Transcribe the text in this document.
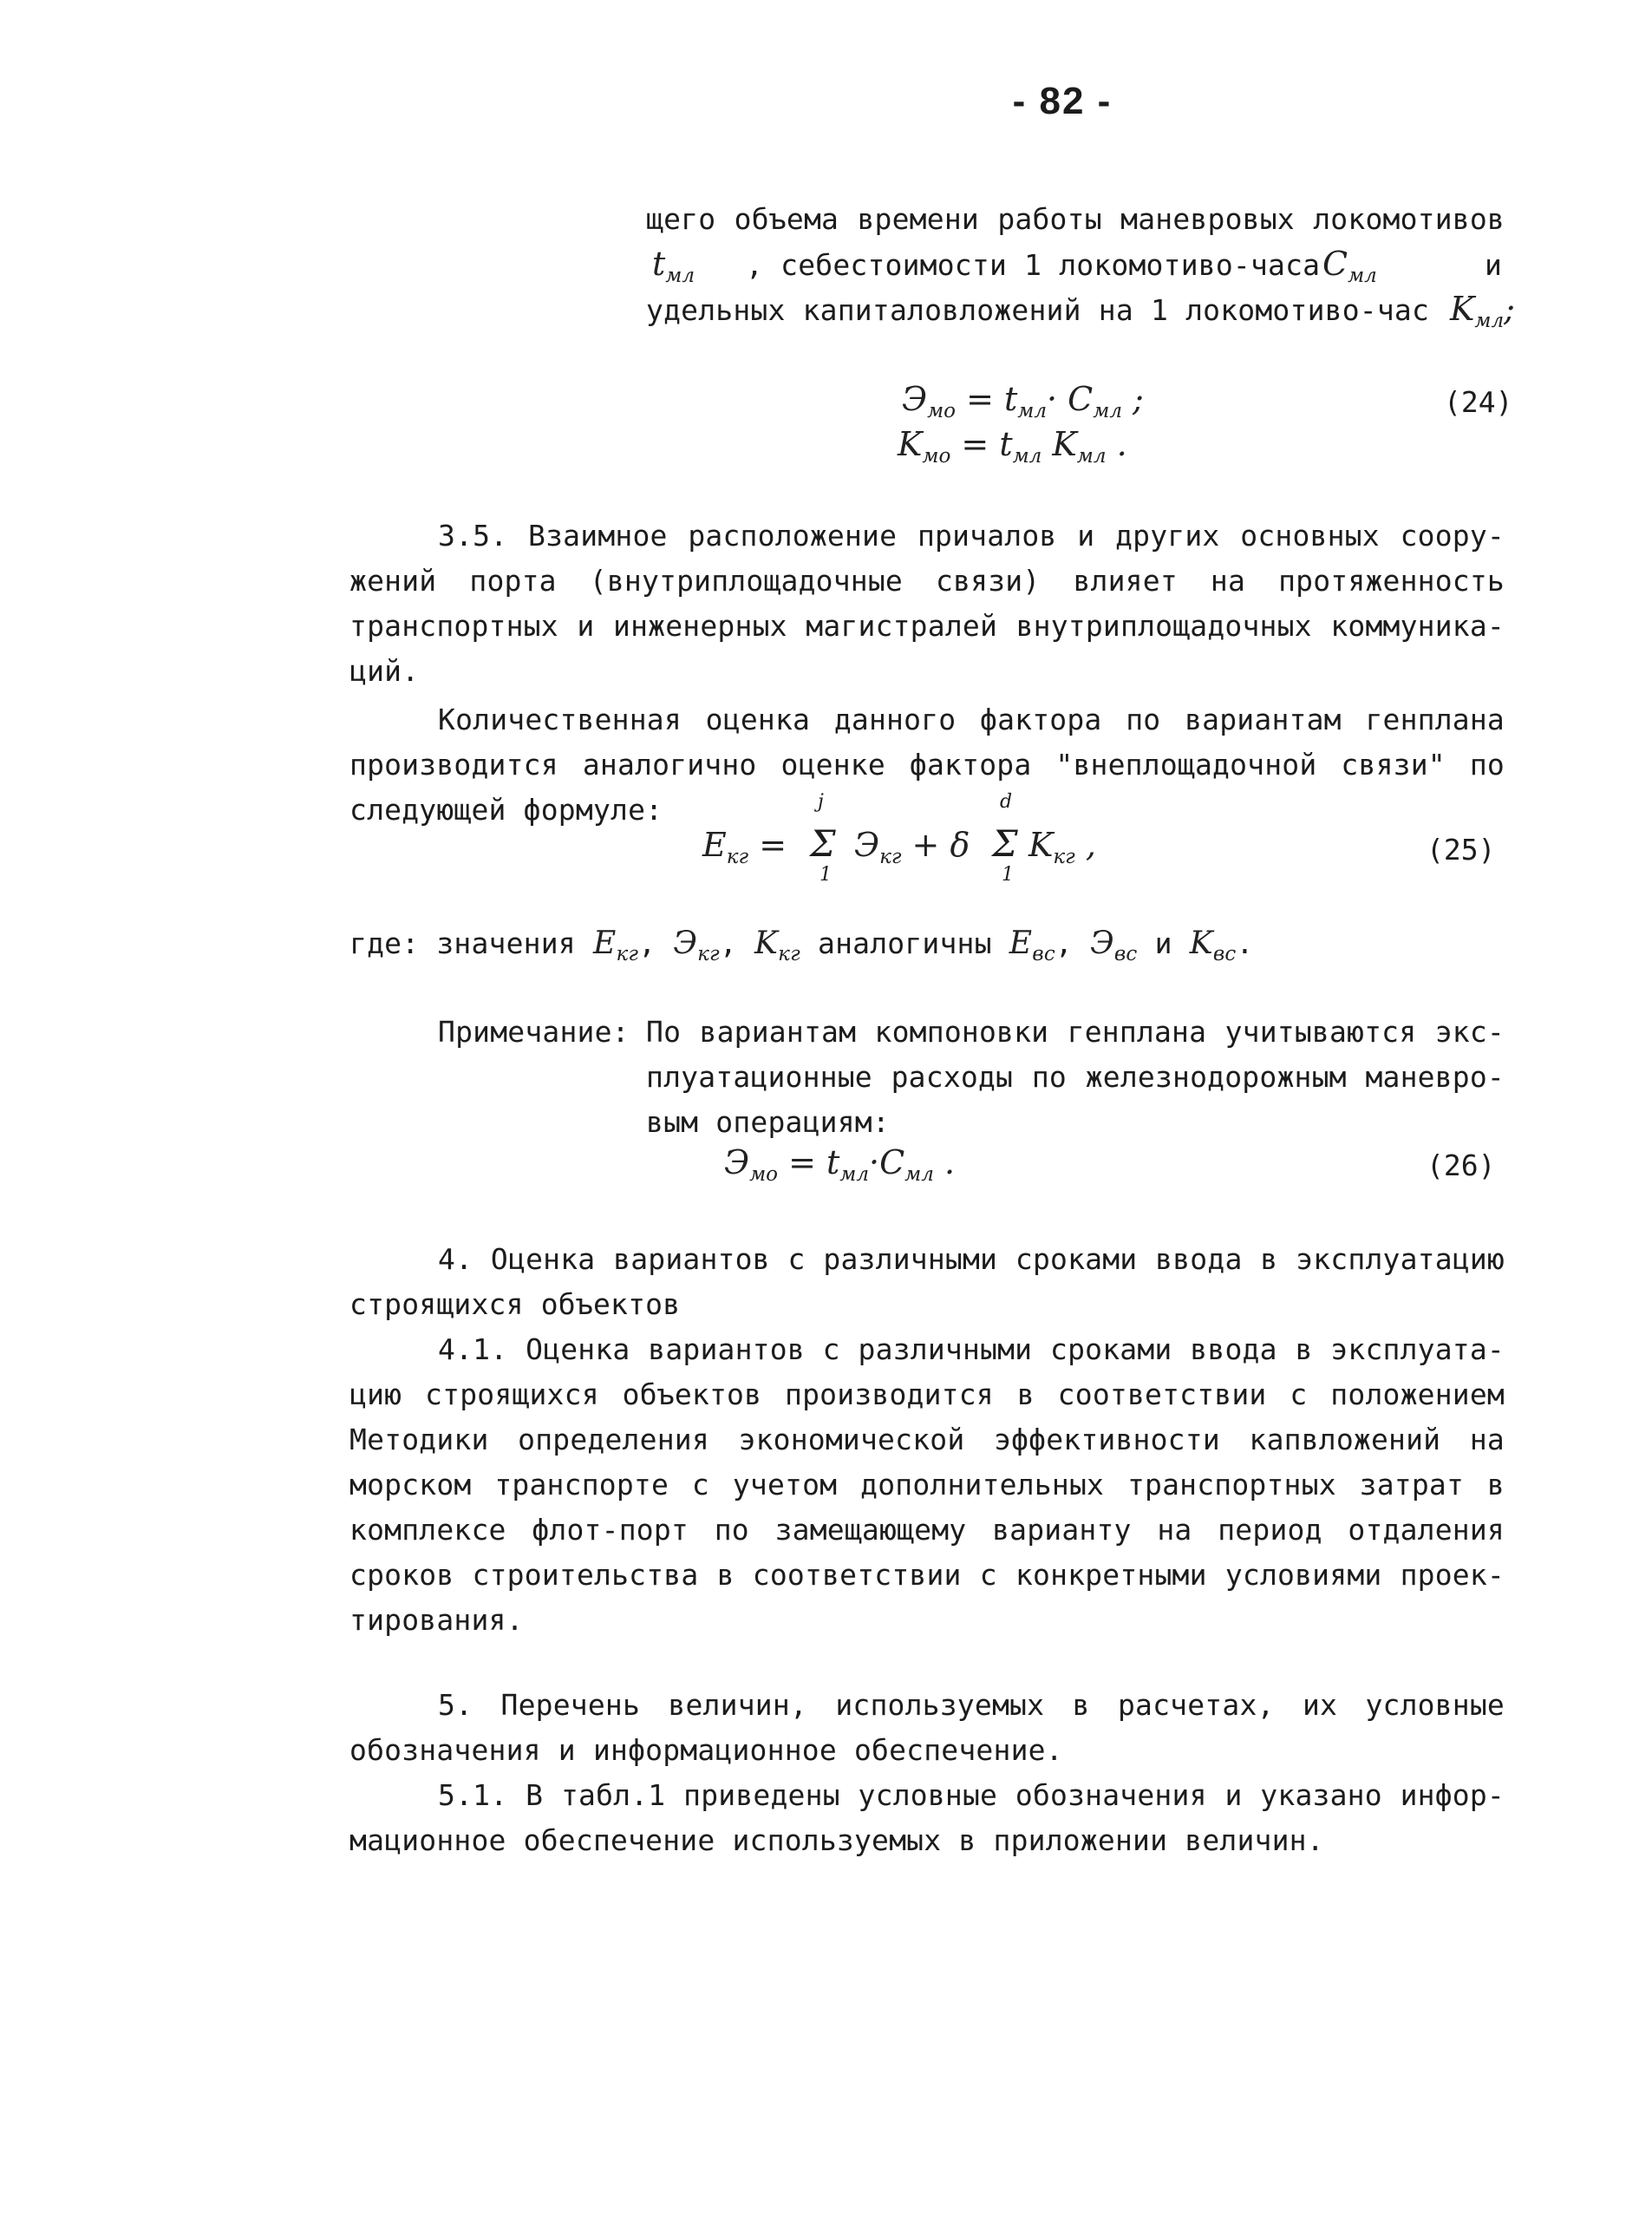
- 82 -
щего объема времени работы маневровых локомотивов
$t_{мл}$ , себестоимости 1 локомотиво-часа $C_{мл}$	и
удельных капиталовложений на 1 локомотиво-час $K_{мл}$;
$Э_{мо} = t_{мл}\cdot C_{мл}$ ;	(24)
$K_{мо} = t_{мл}$ $K_{мл}$ .
3.5. Взаимное расположение причалов и других основных соору-
жений порта (внутриплощадочные связи) влияет на протяженность
транспортных и инженерных магистралей внутриплощадочных коммуника-
ций.
Количественная оценка данного фактора по вариантам генплана
производится аналогично оценке фактора "внеплощадочной связи" по
следующей формуле:
$E_{кг}$ =
j
Σ
1
$Э_{кг} + \delta$
d
Σ
1
$K_{кг}$ ,	(25)
где: значения $E_{кг}$, $Э_{кг}$, $K_{кг}$ аналогичны $E_{вс}$, $Э_{вс}$ и $K_{вс}$.
Примечание: По вариантам компоновки генплана учитываются экс-
плуатационные расходы по железнодорожным маневро-
вым операциям:
$Э_{мо} = t_{мл}\cdot C_{мл}$ .	(26)
4. Оценка вариантов с различными сроками ввода в эксплуатацию
строящихся объектов
4.1. Оценка вариантов с различными сроками ввода в эксплуата-
цию строящихся объектов производится в соответствии с положением
Методики определения экономической эффективности капвложений на
морском транспорте с учетом дополнительных транспортных затрат в
комплексе флот-порт по замещающему варианту на период отдаления
сроков строительства в соответствии с конкретными условиями проек-
тирования.
5. Перечень величин, используемых в расчетах, их условные
обозначения и информационное обеспечение.
5.1. В табл.1 приведены условные обозначения и указано инфор-
мационное обеспечение используемых в приложении величин.
